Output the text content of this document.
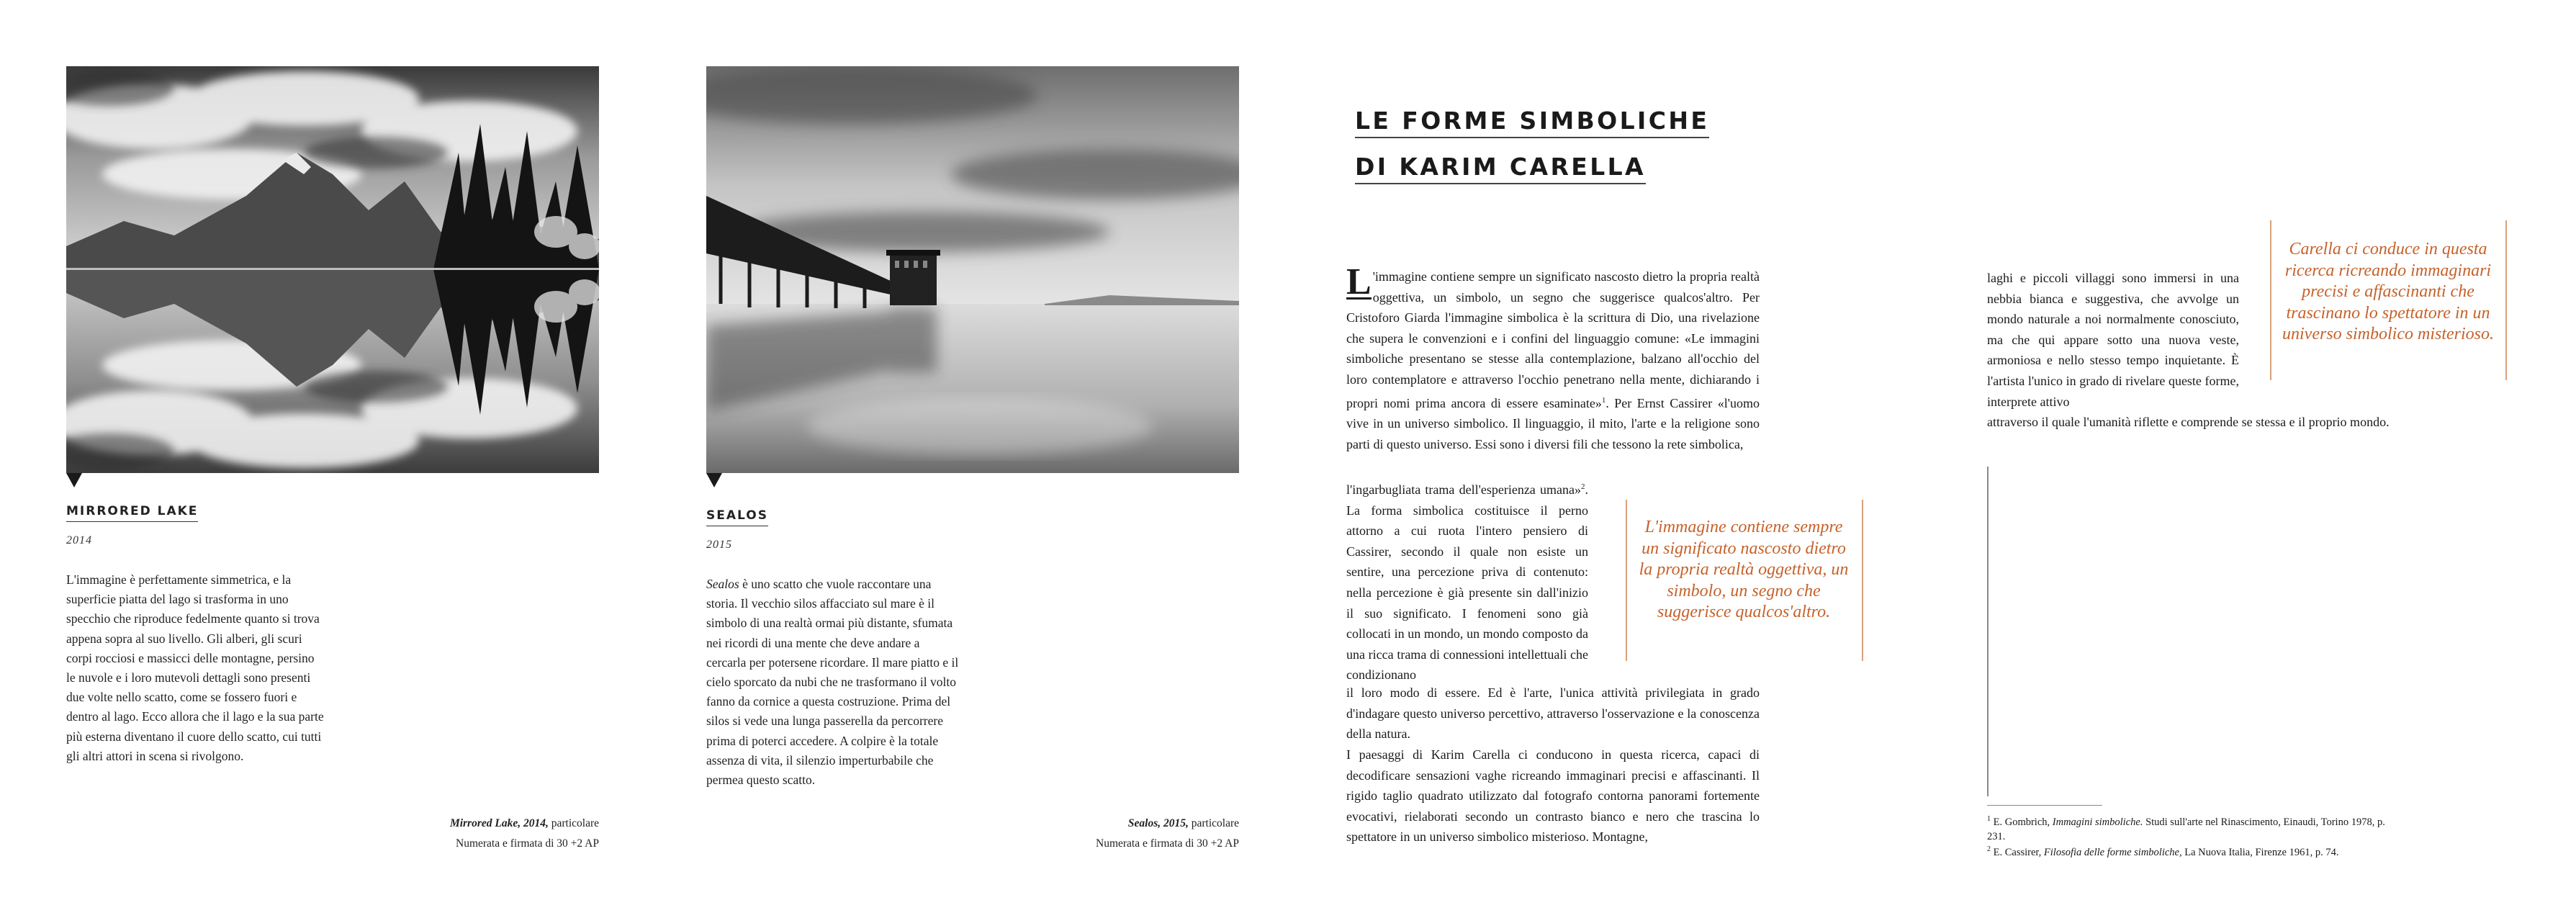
MIRRORED LAKE
2014

L'immagine è perfettamente simmetrica, e la superficie piatta del lago si trasforma in uno specchio che riproduce fedelmente quanto si trova appena sopra al suo livello. Gli alberi, gli scuri corpi rocciosi e massicci delle montagne, persino le nuvole e i loro mutevoli dettagli sono presenti due volte nello scatto, come se fossero fuori e dentro al lago. Ecco allora che il lago e la sua parte più esterna diventano il cuore dello scatto, cui tutti gli altri attori in scena si rivolgono.

Mirrored Lake, 2014, particolare
Numerata e firmata di 30 +2 AP

SEALOS
2015

Sealos è uno scatto che vuole raccontare una storia. Il vecchio silos affacciato sul mare è il simbolo di una realtà ormai più distante, sfumata nei ricordi di una mente che deve andare a cercarla per potersene ricordare. Il mare piatto e il cielo sporcato da nubi che ne trasformano il volto fanno da cornice a questa costruzione. Prima del silos si vede una lunga passerella da percorrere prima di poterci accedere. A colpire è la totale assenza di vita, il silenzio imperturbabile che permea questo scatto.

Sealos, 2015, particolare
Numerata e firmata di 30 +2 AP

LE FORME SIMBOLICHE
DI KARIM CARELLA

L 'immagine contiene sempre un significato nascosto dietro la propria realtà oggettiva, un simbolo, un segno che suggerisce qualcos'altro. Per Cristoforo Giarda l'immagine simbolica è la scrittura di Dio, una rivelazione che supera le convenzioni e i confini del linguaggio comune: «Le immagini simboliche presentano se stesse alla contemplazione, balzano all'occhio del loro contemplatore e attraverso l'occhio penetrano nella mente, dichiarando i propri nomi prima ancora di essere esaminate»$^1$. Per Ernst Cassirer «l'uomo vive in un universo simbolico. Il linguaggio, il mito, l'arte e la religione sono parti di questo universo. Essi sono i diversi fili che tessono la rete simbolica,

l'ingarbugliata trama dell'esperienza umana»$^2$. La forma simbolica costituisce il perno attorno a cui ruota l'intero pensiero di Cassirer, secondo il quale non esiste un sentire, una percezione priva di contenuto: nella percezione è già presente sin dall'inizio il suo significato. I fenomeni sono già collocati in un mondo, un mondo composto da una ricca trama di connessioni intellettuali che condizionano

il loro modo di essere. Ed è l'arte, l'unica attività privilegiata in grado d'indagare questo universo percettivo, attraverso l'osservazione e la conoscenza della natura.

I paesaggi di Karim Carella ci conducono in questa ricerca, capaci di decodificare sensazioni vaghe ricreando immaginari precisi e affascinanti. Il rigido taglio quadrato utilizzato dal fotografo contorna panorami fortemente evocativi, rielaborati secondo un contrasto bianco e nero che trascina lo spettatore in un universo simbolico misterioso. Montagne,

L'immagine contiene sempre un significato nascosto dietro la propria realtà oggettiva, un simbolo, un segno che suggerisce qualcos'altro.

laghi e piccoli villaggi sono immersi in una nebbia bianca e suggestiva, che avvolge un mondo naturale a noi normalmente conosciuto, ma che qui appare sotto una nuova veste, armoniosa e nello stesso tempo inquietante. È l'artista l'unico in grado di rivelare queste forme, interprete attivo

attraverso il quale l'umanità riflette e comprende se stessa e il proprio mondo.

Carella ci conduce in questa ricerca ricreando immaginari precisi e affascinanti che trascinano lo spettatore in un universo simbolico misterioso.

$^1$ E. Gombrich, Immagini simboliche. Studi sull'arte nel Rinascimento, Einaudi, Torino 1978, p. 231.

$^2$ E. Cassirer, Filosofia delle forme simboliche, La Nuova Italia, Firenze 1961, p. 74.
